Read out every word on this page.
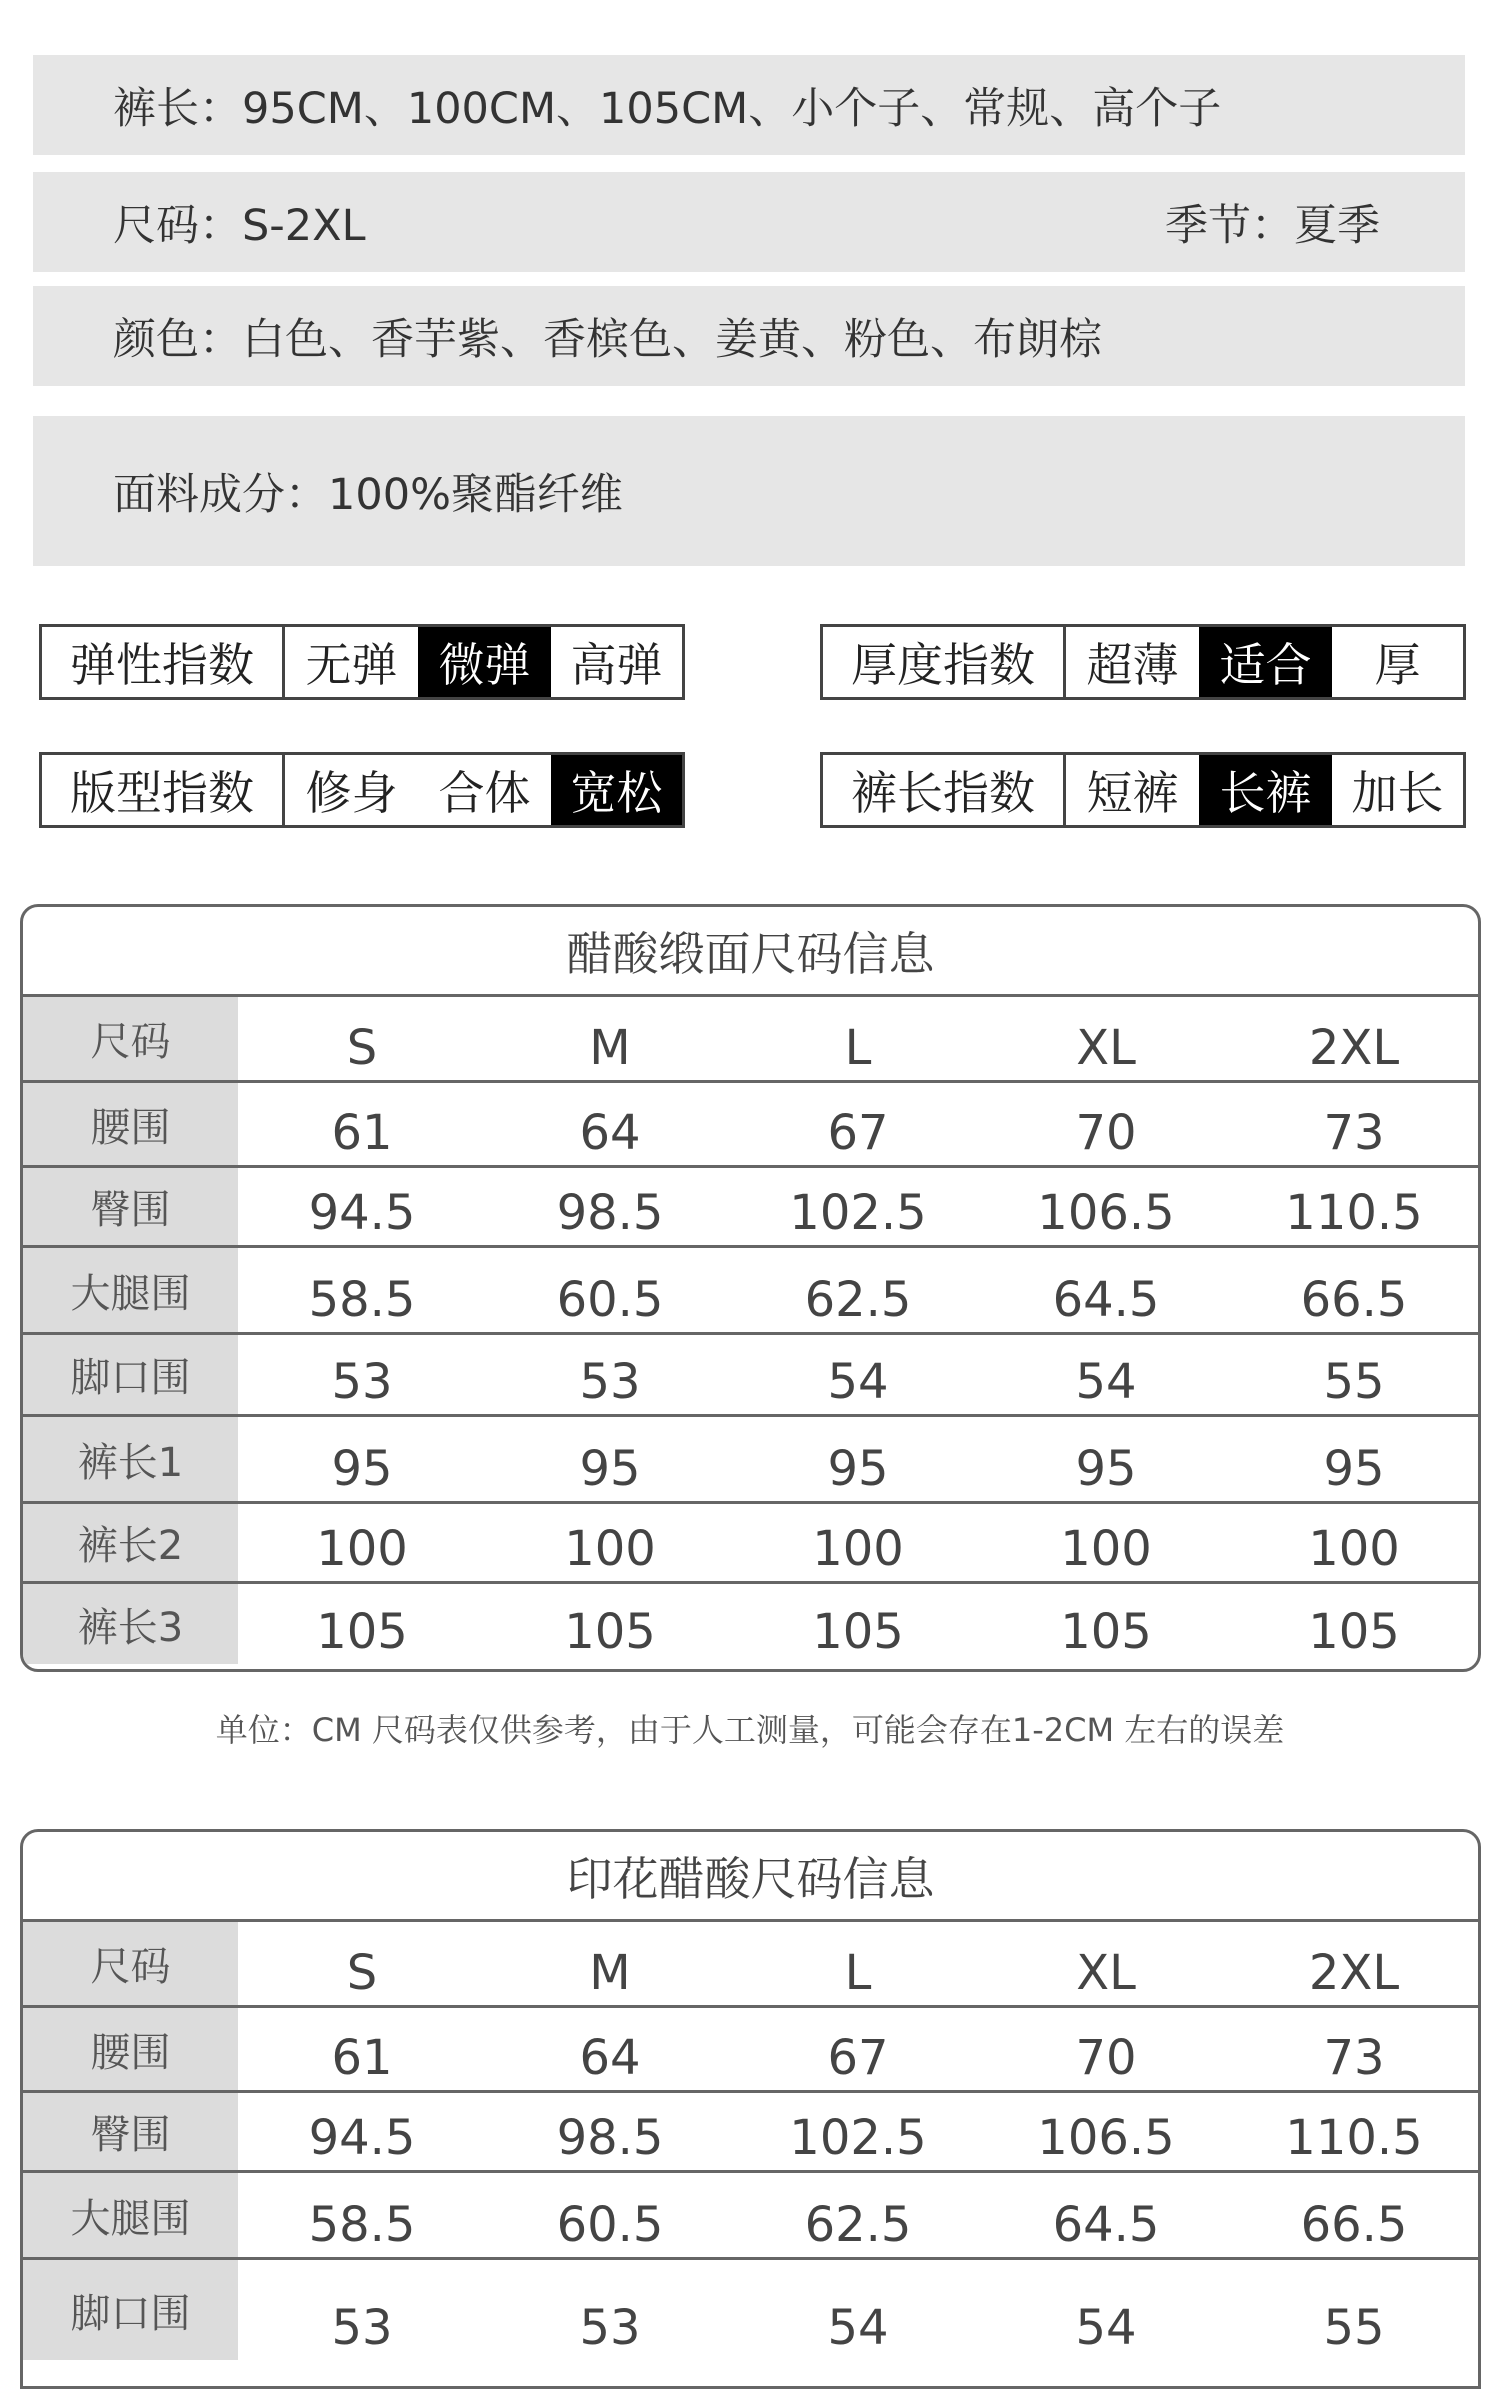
裤长：95CM、100CM、105CM、小个子、常规、高个子
尺码：S-2XL	季节：夏季
颜色：白色、香芋紫、香槟色、姜黄、粉色、布朗棕
面料成分：100%聚酯纤维
弹性指数	无弹 微弹 高弹	厚度指数	超薄 适合	厚
版型指数	修身 合体 宽松	裤长指数	短裤 长裤 加长
醋酸缎面尺码信息
尺码	S	M	L	XL	2XL
腰围	61	64	67	70	73
臀围	94.5	98.5	102.5	106.5	110.5
大腿围	58.5	60.5	62.5	64.5	66.5
脚口围	53	53	54	54	55
裤长1	95	95	95	95	95
裤长2	100	100	100	100	100
裤长3	105	105	105	105	105
单位：CM 尺码表仅供参考，由于人工测量，可能会存在1-2CM 左右的误差
印花醋酸尺码信息
尺码	S	M	L	XL	2XL
腰围	61	64	67	70	73
臀围	94.5	98.5	102.5	106.5	110.5
大腿围	58.5	60.5	62.5	64.5	66.5
脚口围	53	53	54	54	55
